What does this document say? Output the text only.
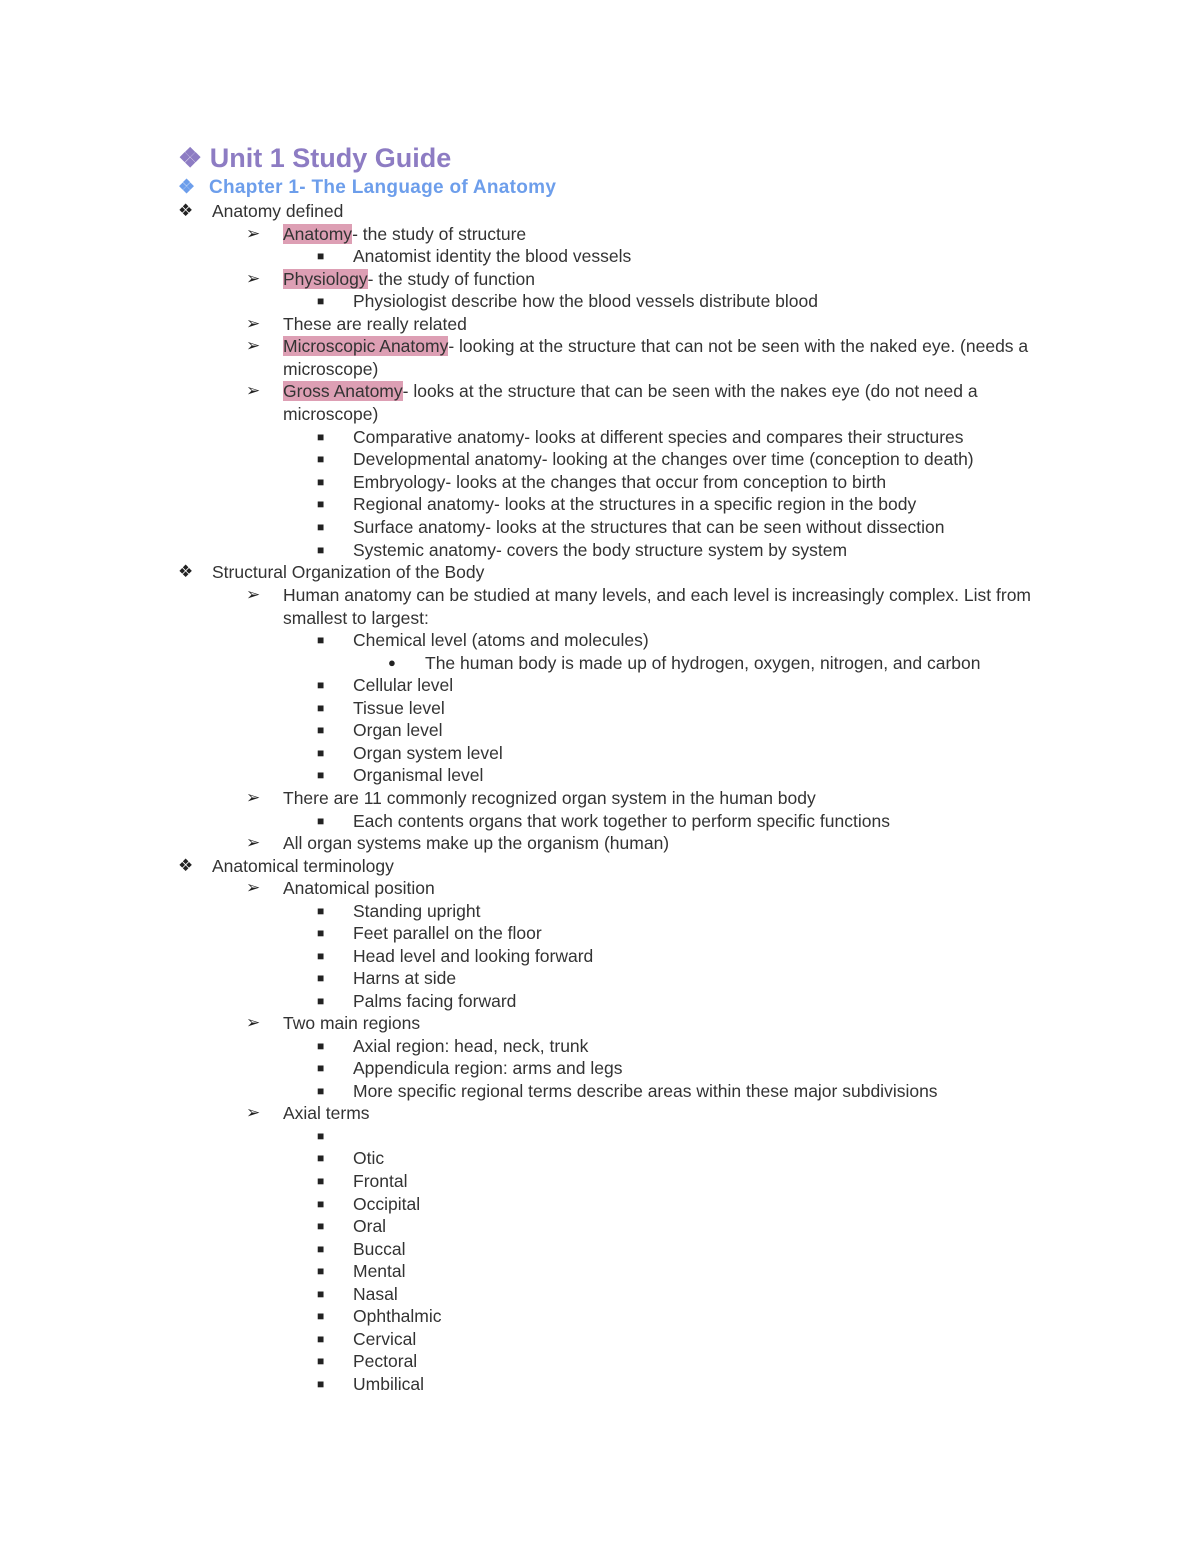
❖ Unit 1 Study Guide
❖ Chapter 1- The Language of Anatomy
❖	Anatomy defined
➢	Anatomy- the study of structure
■	Anatomist identity the blood vessels
➢	Physiology- the study of function
■	Physiologist describe how the blood vessels distribute blood
➢	These are really related
➢	Microscopic Anatomy- looking at the structure that can not be seen with the naked eye. (needs a microscope)
➢	Gross Anatomy- looks at the structure that can be seen with the nakes eye (do not need a microscope)
■	Comparative anatomy- looks at different species and compares their structures
■	Developmental anatomy- looking at the changes over time (conception to death)
■	Embryology- looks at the changes that occur from conception to birth
■	Regional anatomy- looks at the structures in a specific region in the body
■	Surface anatomy- looks at the structures that can be seen without dissection
■	Systemic anatomy- covers the body structure system by system
❖	Structural Organization of the Body
➢	Human anatomy can be studied at many levels, and each level is increasingly complex. List from smallest to largest:
■	Chemical level (atoms and molecules)
●	The human body is made up of hydrogen, oxygen, nitrogen, and carbon
■	Cellular level
■	Tissue level
■	Organ level
■	Organ system level
■	Organismal level
➢	There are 11 commonly recognized organ system in the human body
■	Each contents organs that work together to perform specific functions
➢	All organ systems make up the organism (human)
❖	Anatomical terminology
➢	Anatomical position
■	Standing upright
■	Feet parallel on the floor
■	Head level and looking forward
■	Harns at side
■	Palms facing forward
➢	Two main regions
■	Axial region: head, neck, trunk
■	Appendicula region: arms and legs
■	More specific regional terms describe areas within these major subdivisions
➢	Axial terms
■
■	Otic
■	Frontal
■	Occipital
■	Oral
■	Buccal
■	Mental
■	Nasal
■	Ophthalmic
■	Cervical
■	Pectoral
■	Umbilical
